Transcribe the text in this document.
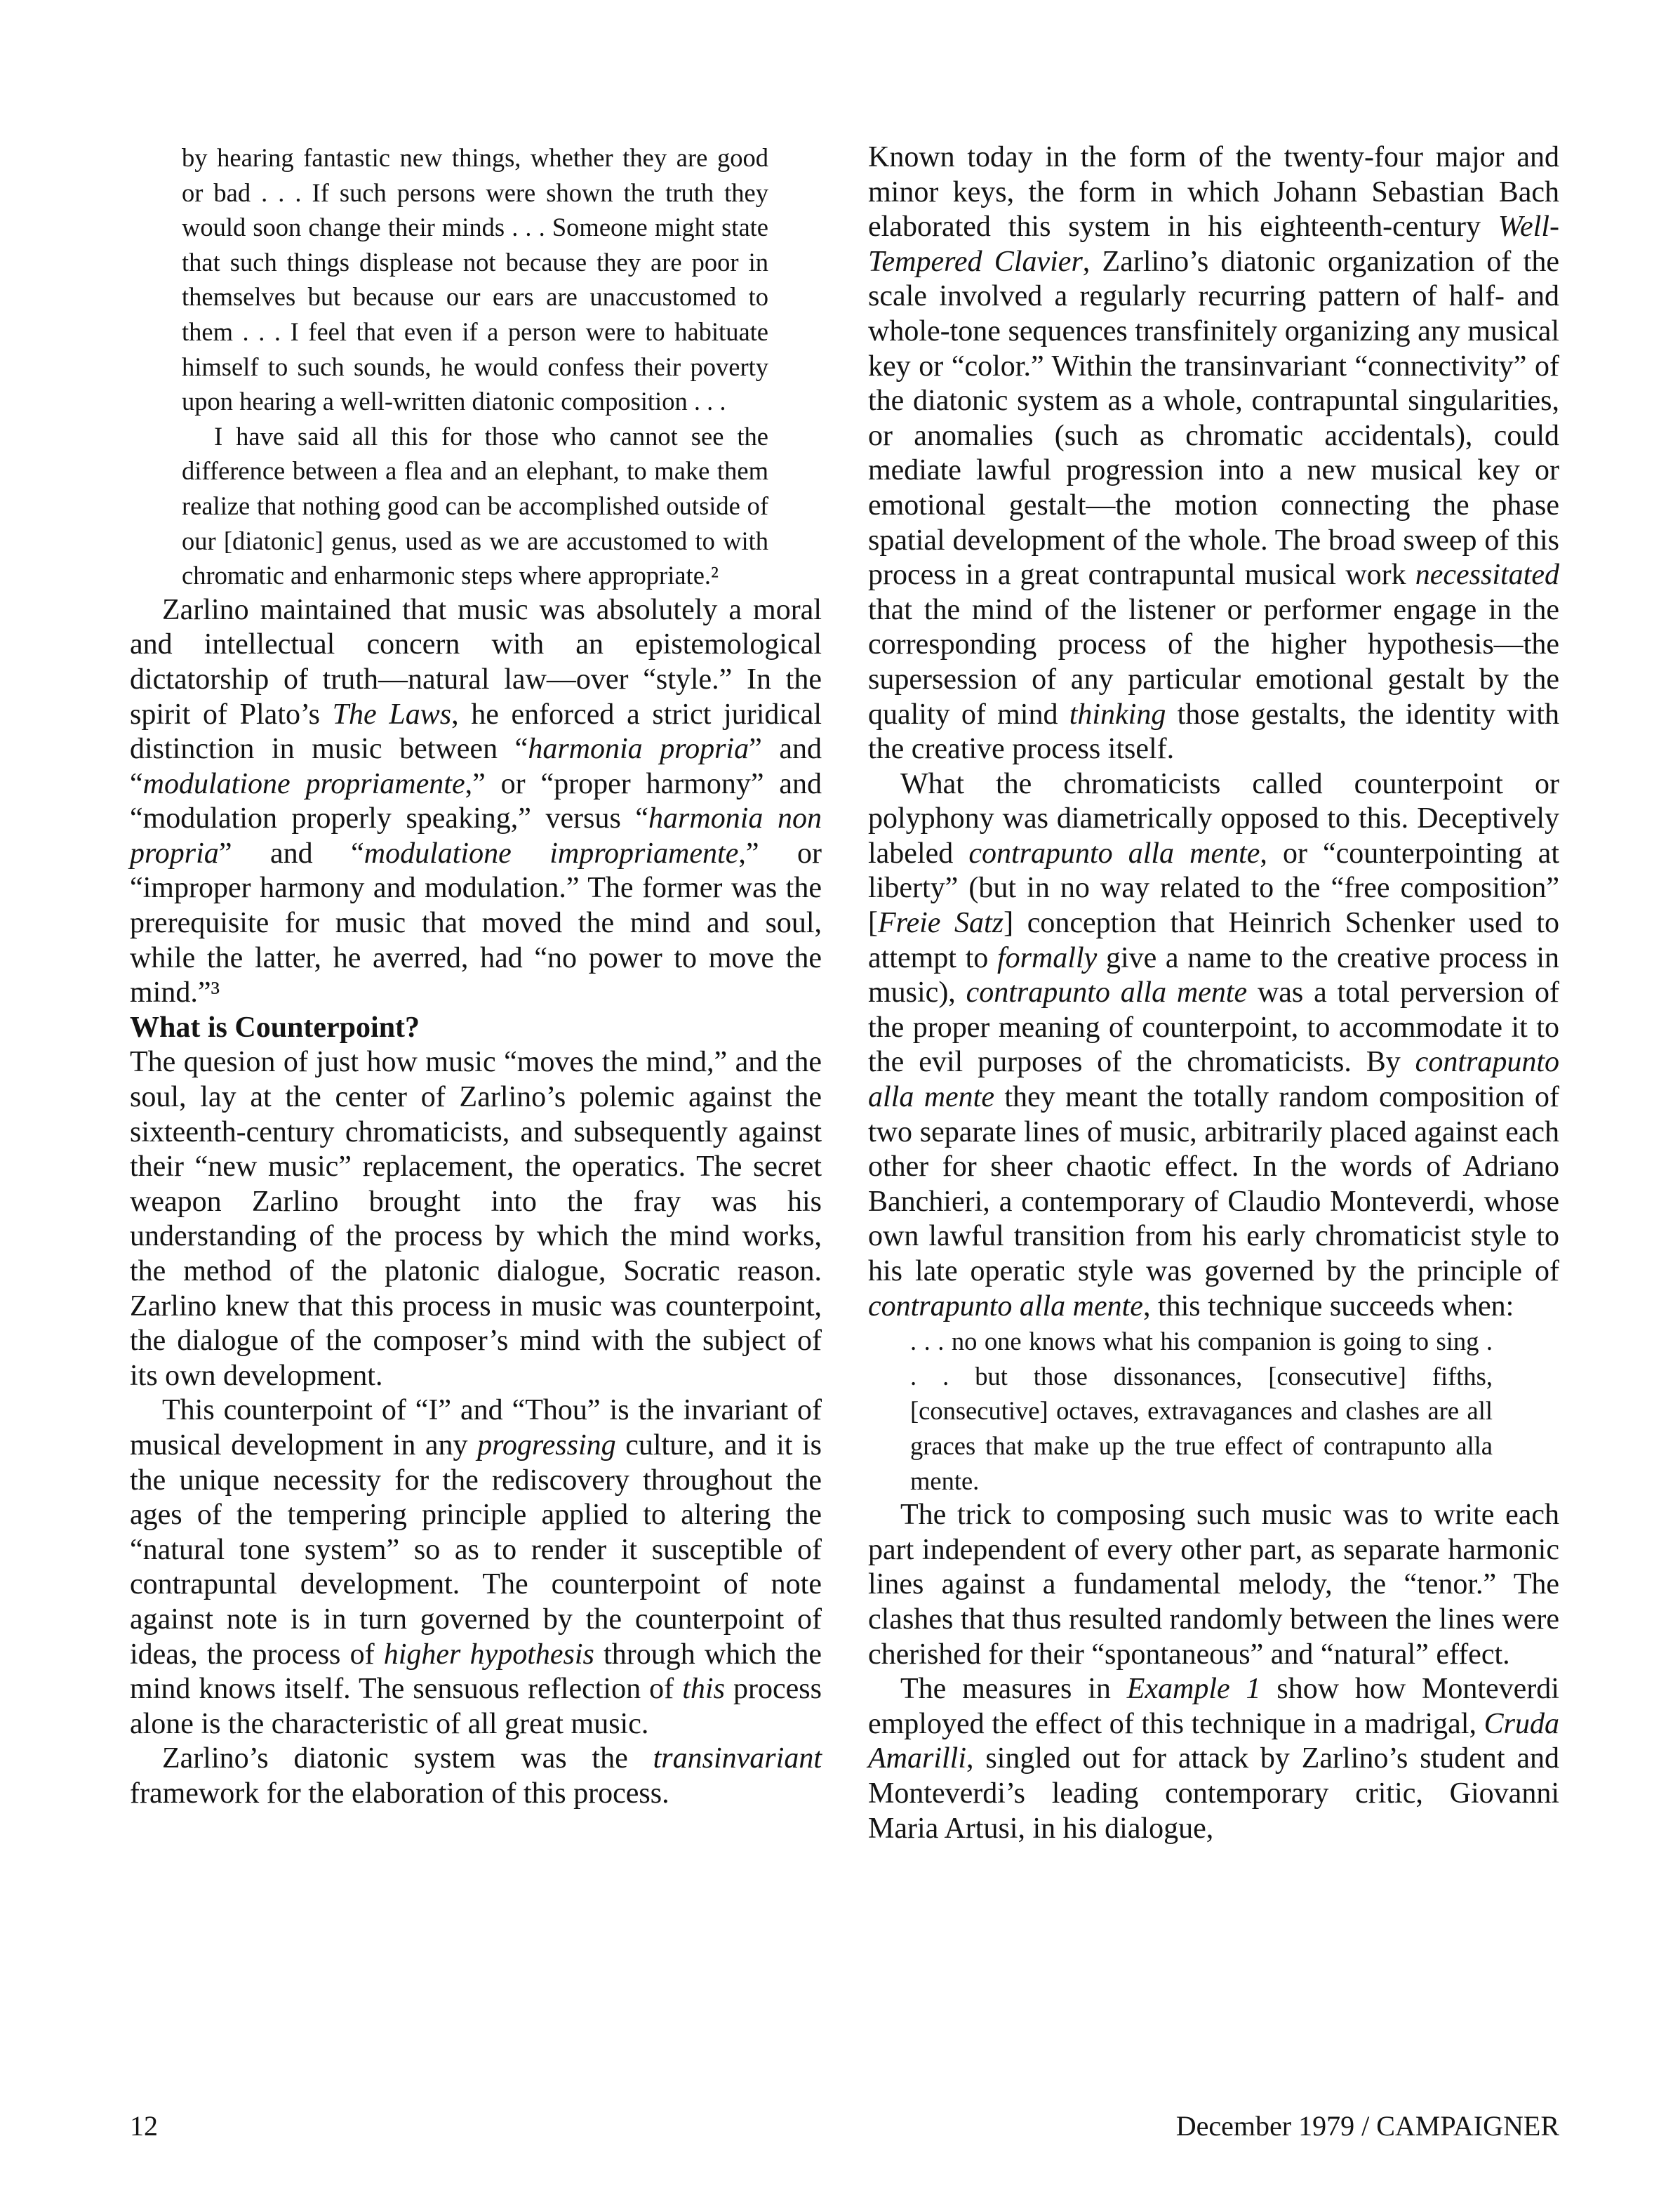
by hearing fantastic new things, whether they are good or bad . . . If such persons were shown the truth they would soon change their minds . . . Someone might state that such things displease not because they are poor in themselves but because our ears are unaccustomed to them . . . I feel that even if a person were to habituate himself to such sounds, he would confess their poverty upon hearing a well-written diatonic composition . . .

I have said all this for those who cannot see the difference between a flea and an elephant, to make them realize that nothing good can be accomplished outside of our [diatonic] genus, used as we are accustomed to with chromatic and enharmonic steps where appropriate.²

Zarlino maintained that music was absolutely a moral and intellectual concern with an epistemological dictatorship of truth—natural law—over “style.” In the spirit of Plato’s The Laws, he enforced a strict juridical distinction in music between “harmonia propria” and “modulatione propriamente,” or “proper harmony” and “modulation properly speaking,” versus “harmonia non propria” and “modulatione impropriamente,” or “improper harmony and modulation.” The former was the prerequisite for music that moved the mind and soul, while the latter, he averred, had “no power to move the mind.”³

What is Counterpoint?

The quesion of just how music “moves the mind,” and the soul, lay at the center of Zarlino’s polemic against the sixteenth-century chromaticists, and subsequently against their “new music” replacement, the operatics. The secret weapon Zarlino brought into the fray was his understanding of the process by which the mind works, the method of the platonic dialogue, Socratic reason. Zarlino knew that this process in music was counterpoint, the dialogue of the composer’s mind with the subject of its own development.

This counterpoint of “I” and “Thou” is the invariant of musical development in any progressing culture, and it is the unique necessity for the rediscovery throughout the ages of the tempering principle applied to altering the “natural tone system” so as to render it susceptible of contrapuntal development. The counterpoint of note against note is in turn governed by the counterpoint of ideas, the process of higher hypothesis through which the mind knows itself. The sensuous reflection of this process alone is the characteristic of all great music.

Zarlino’s diatonic system was the transinvariant framework for the elaboration of this process.

Known today in the form of the twenty-four major and minor keys, the form in which Johann Sebastian Bach elaborated this system in his eighteenth-century Well-Tempered Clavier, Zarlino’s diatonic organization of the scale involved a regularly recurring pattern of half- and whole-tone sequences transfinitely organizing any musical key or “color.” Within the transinvariant “connectivity” of the diatonic system as a whole, contrapuntal singularities, or anomalies (such as chromatic accidentals), could mediate lawful progression into a new musical key or emotional gestalt—the motion connecting the phase spatial development of the whole. The broad sweep of this process in a great contrapuntal musical work necessitated that the mind of the listener or performer engage in the corresponding process of the higher hypothesis—the supersession of any particular emotional gestalt by the quality of mind thinking those gestalts, the identity with the creative process itself.

What the chromaticists called counterpoint or polyphony was diametrically opposed to this. Deceptively labeled contrapunto alla mente, or “counterpointing at liberty” (but in no way related to the “free composition” [Freie Satz] conception that Heinrich Schenker used to attempt to formally give a name to the creative process in music), contrapunto alla mente was a total perversion of the proper meaning of counterpoint, to accommodate it to the evil purposes of the chromaticists. By contrapunto alla mente they meant the totally random composition of two separate lines of music, arbitrarily placed against each other for sheer chaotic effect. In the words of Adriano Banchieri, a contemporary of Claudio Monteverdi, whose own lawful transition from his early chromaticist style to his late operatic style was governed by the principle of contrapunto alla mente, this technique succeeds when:

. . . no one knows what his companion is going to sing . . . but those dissonances, [consecutive] fifths, [consecutive] octaves, extravagances and clashes are all graces that make up the true effect of contrapunto alla mente.

The trick to composing such music was to write each part independent of every other part, as separate harmonic lines against a fundamental melody, the “tenor.” The clashes that thus resulted randomly between the lines were cherished for their “spontaneous” and “natural” effect.

The measures in Example 1 show how Monteverdi employed the effect of this technique in a madrigal, Cruda Amarilli, singled out for attack by Zarlino’s student and Monteverdi’s leading contemporary critic, Giovanni Maria Artusi, in his dialogue,

12	December 1979 / CAMPAIGNER
